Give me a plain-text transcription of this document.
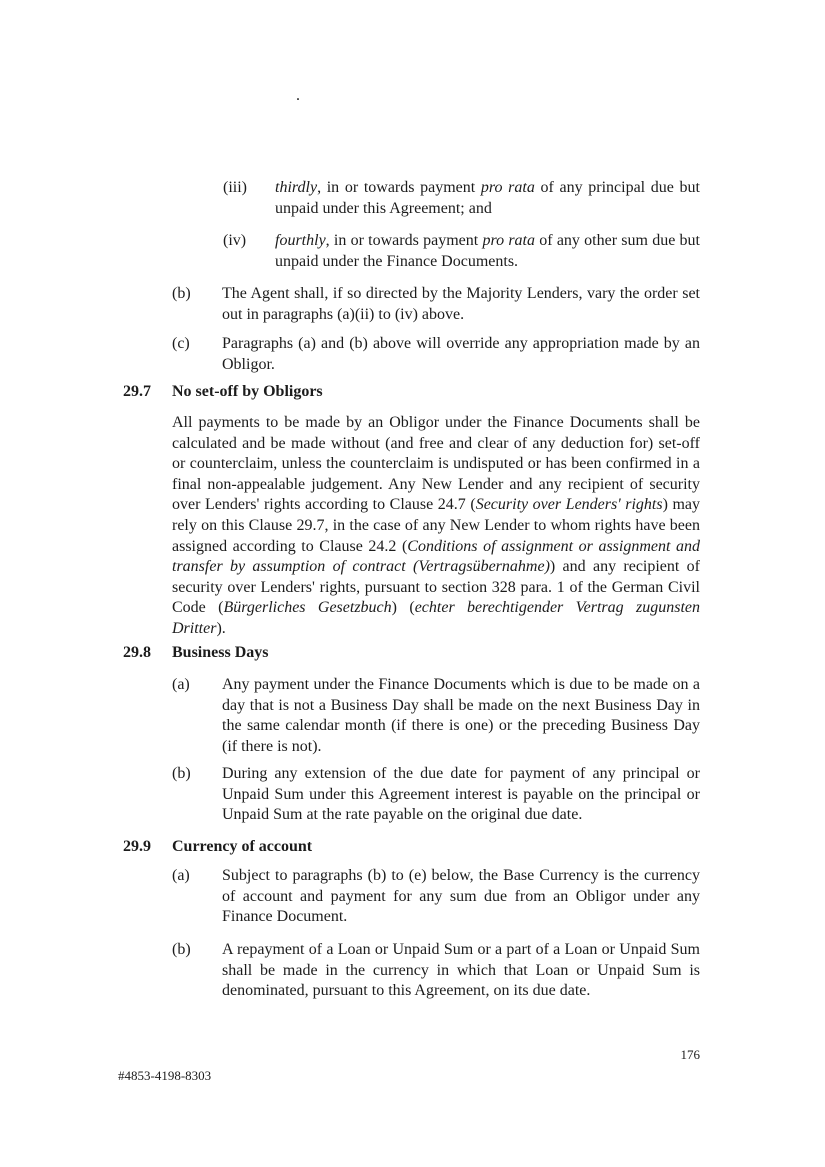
.
(iii)	thirdly, in or towards payment pro rata of any principal due but unpaid under this Agreement; and
(iv)	fourthly, in or towards payment pro rata of any other sum due but unpaid under the Finance Documents.
(b)	The Agent shall, if so directed by the Majority Lenders, vary the order set out in paragraphs (a)(ii) to (iv) above.
(c)	Paragraphs (a) and (b) above will override any appropriation made by an Obligor.
29.7	No set-off by Obligors
All payments to be made by an Obligor under the Finance Documents shall be calculated and be made without (and free and clear of any deduction for) set-off or counterclaim, unless the counterclaim is undisputed or has been confirmed in a final non-appealable judgement. Any New Lender and any recipient of security over Lenders' rights according to Clause 24.7 (Security over Lenders' rights) may rely on this Clause 29.7, in the case of any New Lender to whom rights have been assigned according to Clause 24.2 (Conditions of assignment or assignment and transfer by assumption of contract (Vertragsübernahme)) and any recipient of security over Lenders' rights, pursuant to section 328 para. 1 of the German Civil Code (Bürgerliches Gesetzbuch) (echter berechtigender Vertrag zugunsten Dritter).
29.8	Business Days
(a)	Any payment under the Finance Documents which is due to be made on a day that is not a Business Day shall be made on the next Business Day in the same calendar month (if there is one) or the preceding Business Day (if there is not).
(b)	During any extension of the due date for payment of any principal or Unpaid Sum under this Agreement interest is payable on the principal or Unpaid Sum at the rate payable on the original due date.
29.9	Currency of account
(a)	Subject to paragraphs (b) to (e) below, the Base Currency is the currency of account and payment for any sum due from an Obligor under any Finance Document.
(b)	A repayment of a Loan or Unpaid Sum or a part of a Loan or Unpaid Sum shall be made in the currency in which that Loan or Unpaid Sum is denominated, pursuant to this Agreement, on its due date.
176
#4853-4198-8303
